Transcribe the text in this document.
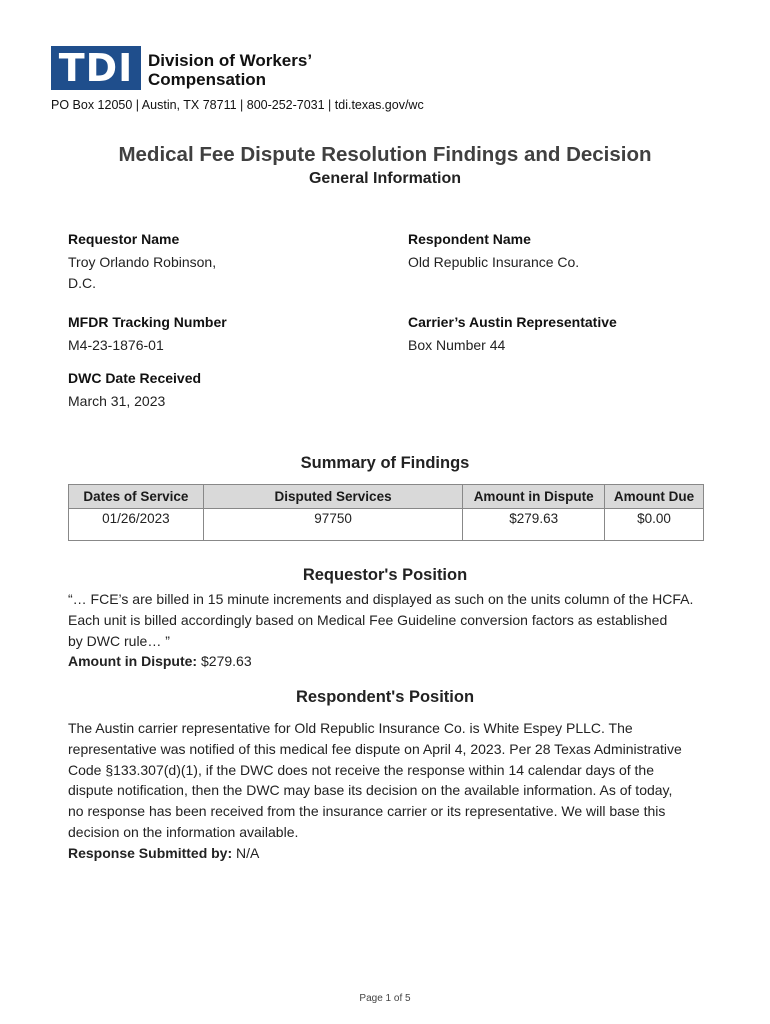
TDI Division of Workers’
Compensation
PO Box 12050 | Austin, TX 78711 | 800-252-7031 | tdi.texas.gov/wc
Medical Fee Dispute Resolution Findings and Decision
General Information
Requestor Name
Troy Orlando Robinson,
D.C.
Respondent Name
Old Republic Insurance Co.
MFDR Tracking Number
M4-23-1876-01
Carrier’s Austin Representative
Box Number 44
DWC Date Received
March 31, 2023
Summary of Findings
Dates of Service	Disputed Services	Amount in Dispute	Amount Due
01/26/2023	97750	$279.63	$0.00
Requestor's Position
“… FCE’s are billed in 15 minute increments and displayed as such on the units column of the HCFA.
Each unit is billed accordingly based on Medical Fee Guideline conversion factors as established
by DWC rule… ”
Amount in Dispute: $279.63
Respondent's Position
The Austin carrier representative for Old Republic Insurance Co. is White Espey PLLC. The
representative was notified of this medical fee dispute on April 4, 2023. Per 28 Texas Administrative
Code §133.307(d)(1), if the DWC does not receive the response within 14 calendar days of the
dispute notification, then the DWC may base its decision on the available information. As of today,
no response has been received from the insurance carrier or its representative. We will base this
decision on the information available.
Response Submitted by: N/A
Page 1 of 5
